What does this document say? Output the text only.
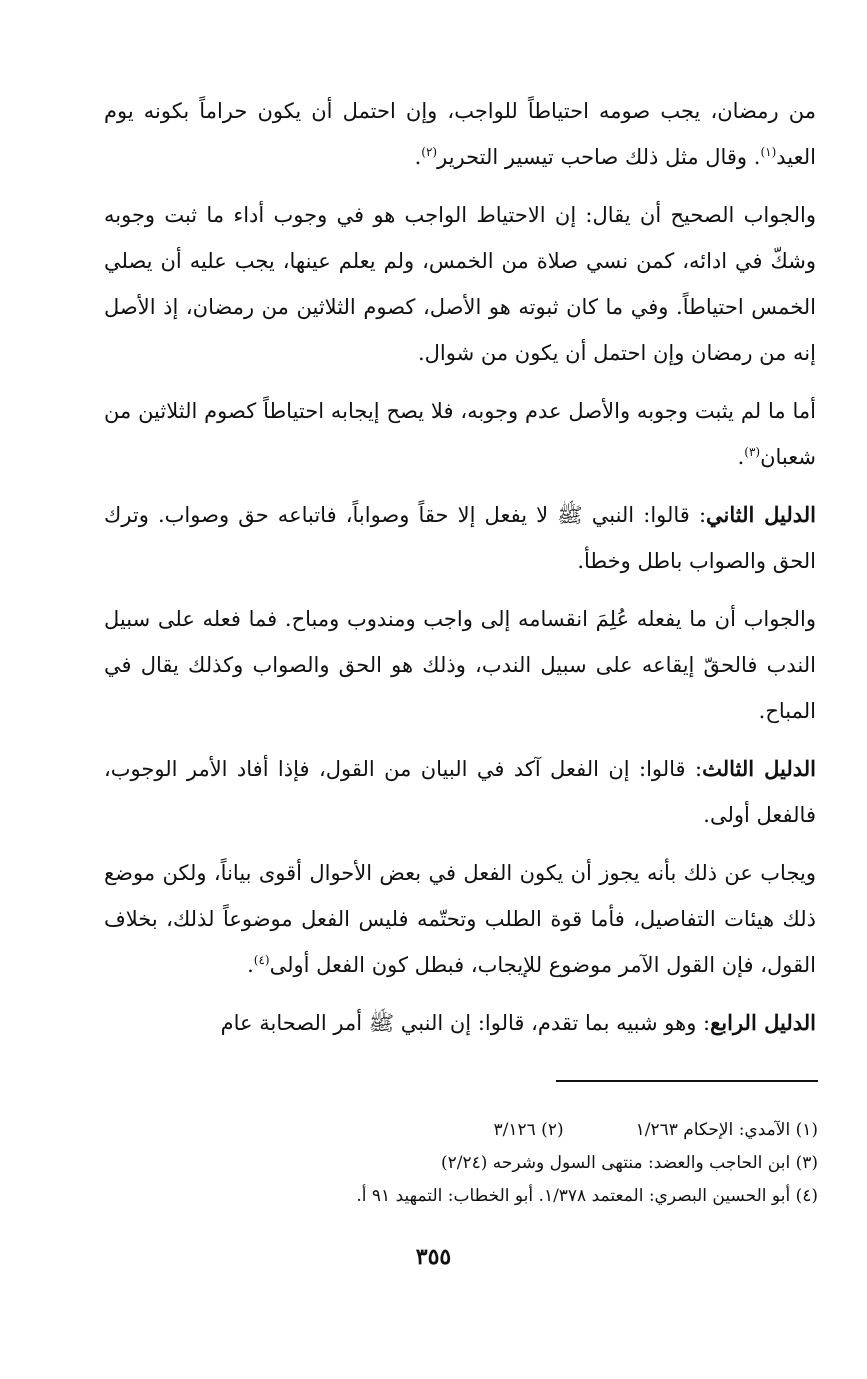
من رمضان، يجب صومه احتياطاً للواجب، وإن احتمل أن يكون حراماً بكونه يوم العيد$^{(١)}$. وقال مثل ذلك صاحب تيسير التحرير$^{(٢)}$.

والجواب الصحيح أن يقال: إن الاحتياط الواجب هو في وجوب أداء ما ثبت وجوبه وشكّ في ادائه، كمن نسي صلاة من الخمس، ولم يعلم عينها، يجب عليه أن يصلي الخمس احتياطاً. وفي ما كان ثبوته هو الأصل، كصوم الثلاثين من رمضان، إذ الأصل إنه من رمضان وإن احتمل أن يكون من شوال.

أما ما لم يثبت وجوبه والأصل عدم وجوبه، فلا يصح إيجابه احتياطاً كصوم الثلاثين من شعبان$^{(٣)}$.

الدليل الثاني: قالوا: النبي ﷺ لا يفعل إلا حقاً وصواباً، فاتباعه حق وصواب. وترك الحق والصواب باطل وخطأ.

والجواب أن ما يفعله عُلِمَ انقسامه إلى واجب ومندوب ومباح. فما فعله على سبيل الندب فالحقّ إيقاعه على سبيل الندب، وذلك هو الحق والصواب وكذلك يقال في المباح.

الدليل الثالث: قالوا: إن الفعل آكد في البيان من القول، فإذا أفاد الأمر الوجوب، فالفعل أولى.

ويجاب عن ذلك بأنه يجوز أن يكون الفعل في بعض الأحوال أقوى بياناً، ولكن موضع ذلك هيئات التفاصيل، فأما قوة الطلب وتحتّمه فليس الفعل موضوعاً لذلك، بخلاف القول، فإن القول الآمر موضوع للإيجاب، فبطل كون الفعل أولى$^{(٤)}$.

الدليل الرابع: وهو شبيه بما تقدم، قالوا: إن النبي ﷺ أمر الصحابة عام

(١) الآمدي: الإحكام ١/٢٦٣(٢) ٣/١٢٦
(٣) ابن الحاجب والعضد: منتهى السول وشرحه (٢/٢٤)
(٤) أبو الحسين البصري: المعتمد ١/٣٧٨. أبو الخطاب: التمهيد ٩١ أ.
٣٥٥
